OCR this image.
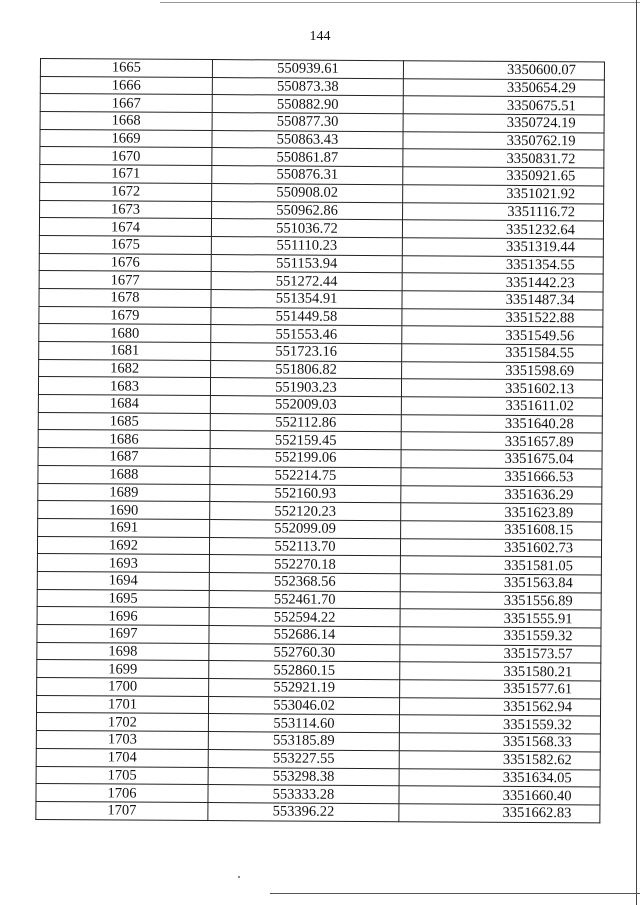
144
1665	550939.61	3350600.07
1666	550873.38	3350654.29
1667	550882.90	3350675.51
1668	550877.30	3350724.19
1669	550863.43	3350762.19
1670	550861.87	3350831.72
1671	550876.31	3350921.65
1672	550908.02	3351021.92
1673	550962.86	3351116.72
1674	551036.72	3351232.64
1675	551110.23	3351319.44
1676	551153.94	3351354.55
1677	551272.44	3351442.23
1678	551354.91	3351487.34
1679	551449.58	3351522.88
1680	551553.46	3351549.56
1681	551723.16	3351584.55
1682	551806.82	3351598.69
1683	551903.23	3351602.13
1684	552009.03	3351611.02
1685	552112.86	3351640.28
1686	552159.45	3351657.89
1687	552199.06	3351675.04
1688	552214.75	3351666.53
1689	552160.93	3351636.29
1690	552120.23	3351623.89
1691	552099.09	3351608.15
1692	552113.70	3351602.73
1693	552270.18	3351581.05
1694	552368.56	3351563.84
1695	552461.70	3351556.89
1696	552594.22	3351555.91
1697	552686.14	3351559.32
1698	552760.30	3351573.57
1699	552860.15	3351580.21
1700	552921.19	3351577.61
1701	553046.02	3351562.94
1702	553114.60	3351559.32
1703	553185.89	3351568.33
1704	553227.55	3351582.62
1705	553298.38	3351634.05
1706	553333.28	3351660.40
1707	553396.22	3351662.83
